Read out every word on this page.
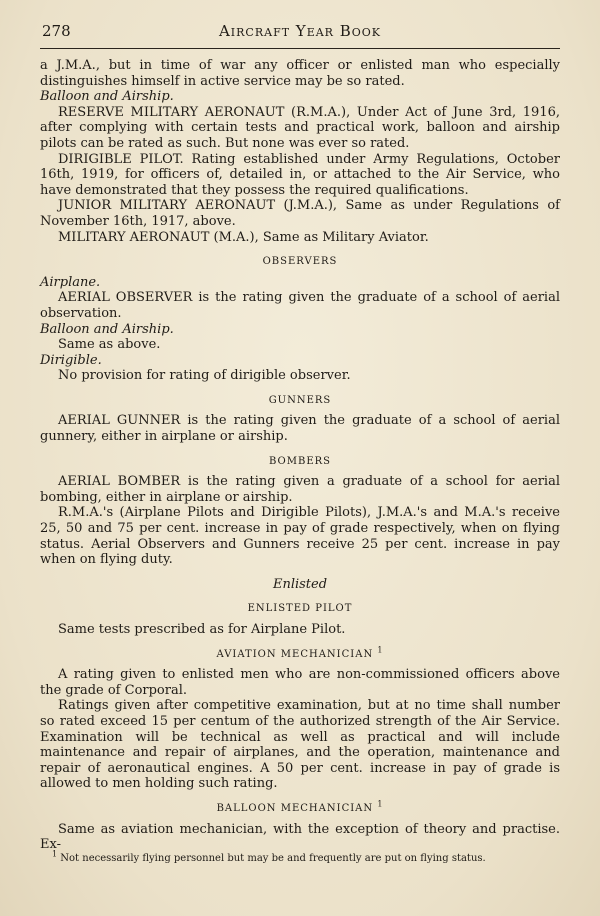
278	Aircraft Year Book

a J.M.A., but in time of war any officer or enlisted man who especially distinguishes himself in active service may be so rated.

Balloon and Airship.

RESERVE MILITARY AERONAUT (R.M.A.), Under Act of June 3rd, 1916, after complying with certain tests and practical work, balloon and airship pilots can be rated as such. But none was ever so rated.

DIRIGIBLE PILOT. Rating established under Army Regulations, October 16th, 1919, for officers of, detailed in, or attached to the Air Service, who have demonstrated that they possess the required qualifications.

JUNIOR MILITARY AERONAUT (J.M.A.), Same as under Regulations of November 16th, 1917, above.

MILITARY AERONAUT (M.A.), Same as Military Aviator.

OBSERVERS
Airplane.

AERIAL OBSERVER is the rating given the graduate of a school of aerial observation.

Balloon and Airship.

Same as above.

Dirigible.

No provision for rating of dirigible observer.

GUNNERS

AERIAL GUNNER is the rating given the graduate of a school of aerial gunnery, either in airplane or airship.

BOMBERS

AERIAL BOMBER is the rating given a graduate of a school for aerial bombing, either in airplane or airship.

R.M.A.'s (Airplane Pilots and Dirigible Pilots), J.M.A.'s and M.A.'s receive 25, 50 and 75 per cent. increase in pay of grade respectively, when on flying status. Aerial Observers and Gunners receive 25 per cent. increase in pay when on flying duty.

Enlisted
ENLISTED PILOT

Same tests prescribed as for Airplane Pilot.

AVIATION MECHANICIAN $^1$

A rating given to enlisted men who are non-commissioned officers above the grade of Corporal.

Ratings given after competitive examination, but at no time shall number so rated exceed 15 per centum of the authorized strength of the Air Service. Examination will be technical as well as practical and will include maintenance and repair of airplanes, and the operation, maintenance and repair of aeronautical engines. A 50 per cent. increase in pay of grade is allowed to men holding such rating.

BALLOON MECHANICIAN $^1$

Same as aviation mechanician, with the exception of theory and practise. Ex-

$^1$ Not necessarily flying personnel but may be and frequently are put on flying status.
